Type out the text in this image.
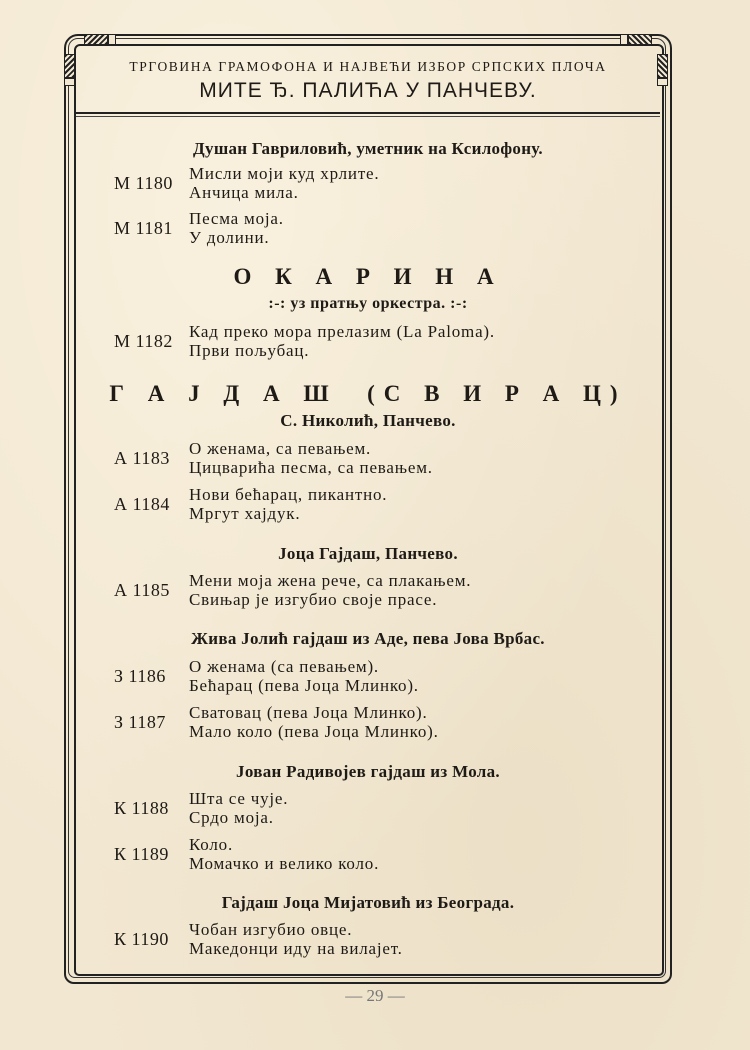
ТРГОВИНА ГРАМОФОНА И НАЈВЕЋИ ИЗБОР СРПСКИХ ПЛОЧА
МИТЕ Ђ. ПАЛИЋА У ПАНЧЕВУ.
Душан Гавриловић, уметник на Ксилофону.
М 1180 Мисли моји куд хрлите.
Анчица мила.
М 1181 Песма моја.
У долини.
О К А Р И Н А
:-: уз пратњу оркестра. :-:
М 1182 Кад преко мора прелазим (La Paloma).
Први пољубац.
Г А Ј Д А Ш  (С В И Р А Ц)
С. Николић, Панчево.
А 1183 О женама, са певањем.
Цицварића песма, са певањем.
А 1184 Нови бећарац, пикантно.
Мргут хајдук.
Јоца Гајдаш, Панчево.
А 1185 Мени моја жена рече, са плакањем.
Свињар је изгубио своје прасе.
Жива Јолић гајдаш из Аде, пева Јова Врбас.
З 1186 О женама (са певањем).
Бећарац (пева Јоца Млинко).
З 1187 Сватовац (пева Јоца Млинко).
Мало коло (пева Јоца Млинко).
Јован Радивојев гајдаш из Мола.
К 1188 Шта се чује.
Срдо моја.
К 1189 Коло.
Момачко и велико коло.
Гајдаш Јоца Мијатовић из Београда.
К 1190 Чобан изгубио овце.
Македонци иду на вилајет.
— 29 —
